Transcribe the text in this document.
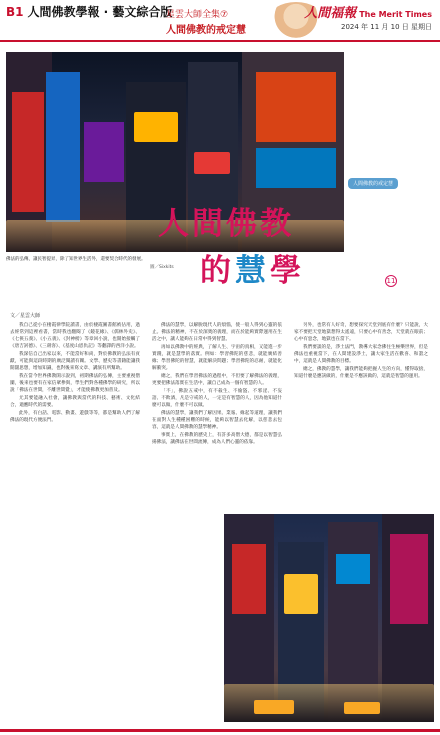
B1 人間佛教學報 · 藝文綜合版
星雲大師全集⑦
人間佛教的戒定慧
人間福報 The Merit Times
2024 年 11 月 10 日 星期日
佛法的弘傳，讓民智提昇，除了知世界生活外，還要契合時代的發展。
圖／Sixkits
人間佛教的戒定慧
人間佛教
的慧學	11
文／星雲大師

我自己從小在棲霞律學院讀書，由於棲霞圖書館被佔用，過去經常到這裡看書，當時我也翻閱了《鏡花緣》、《儒林外史》、《七俠五義》、《小五義》、《封神榜》等章回小說，也開始接觸了《唐吉訶德》、《三劍客》、《基度山恩仇記》等翻譯的西洋小說。

我深信自己出家以來，不能當好和尚，對於佛教的弘法有貢獻，可能與這段時期的廣泛閱讀有關。文學、歷史等書籍能讓我開闊思想，增加知識，也對後來寫文章、講演有所幫助。

我在當今世界佛教開示說到，初期佛法的弘傳，主要重視僧團，後來也要有在家信眾參與，學生們對各種佛學的研究，所以說「佛法在世間，不離世間覺」，才能使佛教更加普及。

尤其要能融入社會，讓佛教與當代的科技、藝術、文化結合，適應時代的需要。

此外，有白話、電影、動畫、遊戲等等，都是幫助人們了解佛法的現代方便法門。

佛法的慧學，以解脫現代人的煩惱，使一般人得到心靈的依止。佛法的精神，不在於深奧的義理，而在於能夠實際運用在生活之中，讓人能夠在日常中得到智慧。

再如以佛教中的經典，了解人生、宇宙的真相，又能進一步實踐，就是慧學的落實。例如：學習佛陀的慈悲，就能廣結善緣；學習佛陀的智慧，就能解決問題；學習佛陀的忍耐，就能化解衝突。

總之，我們在學習佛法的過程中，不但要了解佛法的義理，更要把佛法落實在生活中，讓自己成為一個有智慧的人。

「不」，佛說五戒中，有不殺生、不偷盜、不邪淫、不妄語、不飲酒，凡是守戒的人，一定是有智慧的人，因為他知道什麼可以做，什麼不可以做。

佛法的慧學，讓我們了解因果、業報、緣起等道理，讓我們在面對人生種種困難的時候，能夠以智慧去化解，以慈悲去包容，這就是人間佛教的慧學精神。

事實上，在佛教的歷史上，有許多高僧大德，都是以智慧弘揚佛法，讓佛法在世間流傳，成為人們心靈的依靠。

另外，也常有人好奇，想要探究天堂到底有什麼？只能說，大家不要把天堂地獄想得太遙遠，只要心中有善念，天堂就在眼前；心中有惡念，地獄也在當下。

我們要談的是，淨土法門，教導大家念佛往生極樂世界，但是佛法也重視當下，在人間建設淨土，讓大家生活在歡喜、和諧之中，這就是人間佛教的目標。

總之，佛教的慧學，讓我們能夠把握人生的方向，懂得取捨，知道什麼是應該做的，什麼是不應該做的，這就是智慧的運用。
